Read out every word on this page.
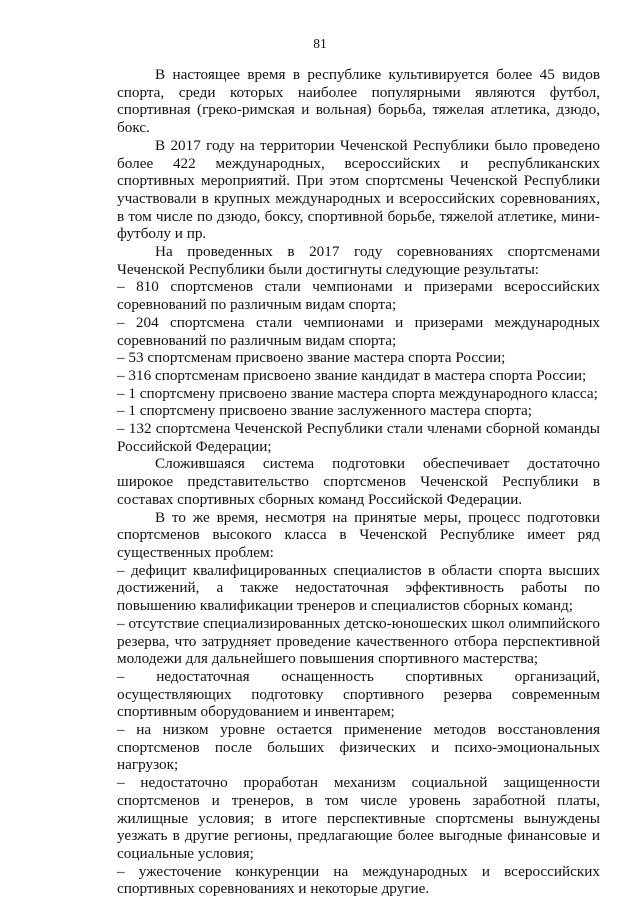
81

В настоящее время в республике культивируется более 45 видов спорта, среди которых наиболее популярными являются футбол, спортивная (греко-римская и вольная) борьба, тяжелая атлетика, дзюдо, бокс.

В 2017 году на территории Чеченской Республики было проведено более 422 международных, всероссийских и республиканских спортивных мероприятий. При этом спортсмены Чеченской Республики участвовали в крупных международных и всероссийских соревнованиях, в том числе по дзюдо, боксу, спортивной борьбе, тяжелой атлетике, мини-футболу и пр.

На проведенных в 2017 году соревнованиях спортсменами Чеченской Республики были достигнуты следующие результаты:

– 810 спортсменов стали чемпионами и призерами всероссийских соревнований по различным видам спорта;

– 204 спортсмена стали чемпионами и призерами международных соревнований по различным видам спорта;

– 53 спортсменам присвоено звание мастера спорта России;

– 316 спортсменам присвоено звание кандидат в мастера спорта России;

– 1 спортсмену присвоено звание мастера спорта международного класса;

– 1 спортсмену присвоено звание заслуженного мастера спорта;

– 132 спортсмена Чеченской Республики стали членами сборной команды Российской Федерации;

Сложившаяся система подготовки обеспечивает достаточно широкое представительство спортсменов Чеченской Республики в составах спортивных сборных команд Российской Федерации.

В то же время, несмотря на принятые меры, процесс подготовки спортсменов высокого класса в Чеченской Республике имеет ряд существенных проблем:

– дефицит квалифицированных специалистов в области спорта высших достижений, а также недостаточная эффективность работы по повышению квалификации тренеров и специалистов сборных команд;

– отсутствие специализированных детско-юношеских школ олимпийского резерва, что затрудняет проведение качественного отбора перспективной молодежи для дальнейшего повышения спортивного мастерства;

– недостаточная оснащенность спортивных организаций, осуществляющих подготовку спортивного резерва современным спортивным оборудованием и инвентарем;

– на низком уровне остается применение методов восстановления спортсменов после больших физических и психо-эмоциональных нагрузок;

– недостаточно проработан механизм социальной защищенности спортсменов и тренеров, в том числе уровень заработной платы, жилищные условия; в итоге перспективные спортсмены вынуждены уезжать в другие регионы, предлагающие более выгодные финансовые и социальные условия;

– ужесточение конкуренции на международных и всероссийских спортивных соревнованиях и некоторые другие.
